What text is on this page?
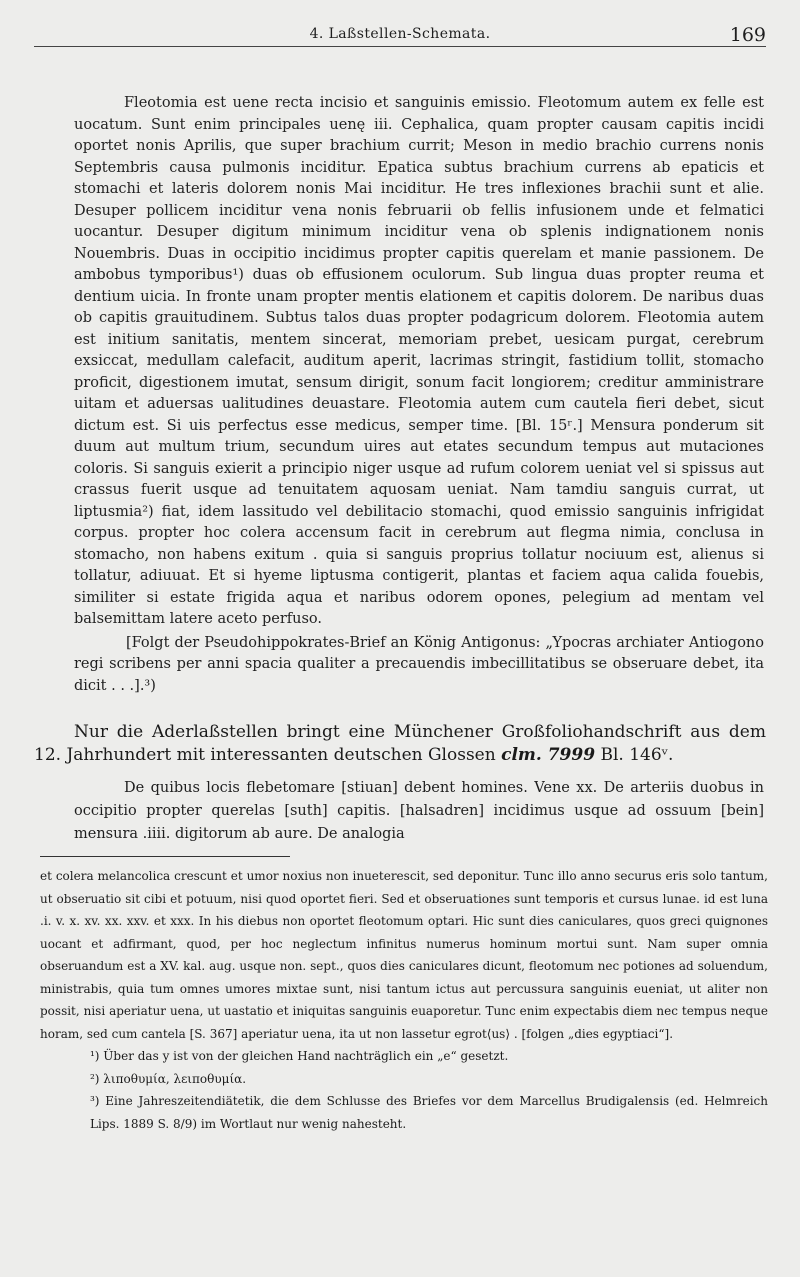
4. Laßstellen-Schemata.	169

Fleotomia est uene recta incisio et sanguinis emissio. Fleotomum autem ex felle est uocatum. Sunt enim principales uenę iii. Cephalica, quam propter causam capitis incidi oportet nonis Aprilis, que super brachium currit; Meson in medio brachio currens nonis Septembris causa pulmonis inciditur. Epatica subtus brachium currens ab epaticis et stomachi et lateris dolorem nonis Mai inciditur. He tres inflexiones brachii sunt et alie. Desuper pollicem inciditur vena nonis februarii ob fellis infusionem unde et felmatici uocantur. Desuper digitum minimum inciditur vena ob splenis indignationem nonis Nouembris. Duas in occipitio incidimus propter capitis querelam et manie passionem. De ambobus tymporibus¹) duas ob effusionem oculorum. Sub lingua duas propter reuma et dentium uicia. In fronte unam propter mentis elationem et capitis dolorem. De naribus duas ob capitis grauitudinem. Subtus talos duas propter podagricum dolorem. Fleotomia autem est initium sanitatis, mentem sincerat, memoriam prebet, uesicam purgat, cerebrum exsiccat, medullam calefacit, auditum aperit, lacrimas stringit, fastidium tollit, stomacho proficit, digestionem imutat, sensum dirigit, sonum facit longiorem; creditur amministrare uitam et aduersas ualitudines deuastare. Fleotomia autem cum cautela fieri debet, sicut dictum est. Si uis perfectus esse medicus, semper time. [Bl. 15ʳ.] Mensura ponderum sit duum aut multum trium, secundum uires aut etates secundum tempus aut mutaciones coloris. Si sanguis exierit a principio niger usque ad rufum colorem ueniat vel si spissus aut crassus fuerit usque ad tenuitatem aquosam ueniat. Nam tamdiu sanguis currat, ut liptusmia²) fiat, idem lassitudo vel debilitacio stomachi, quod emissio sanguinis infrigidat corpus. propter hoc colera accensum facit in cerebrum aut flegma nimia, conclusa in stomacho, non habens exitum . quia si sanguis proprius tollatur nociuum est, alienus si tollatur, adiuuat. Et si hyeme liptusma contigerit, plantas et faciem aqua calida fouebis, similiter si estate frigida aqua et naribus odorem opones, pelegium ad mentam vel balsemittam latere aceto perfuso.

[Folgt der Pseudohippokrates-Brief an König Antigonus: „Ypocras archiater Antiogono regi scribens per anni spacia qualiter a precauendis imbecillitatibus se obseruare debet, ita dicit . . .].³)

Nur die Aderlaßstellen bringt eine Münchener Großfoliohandschrift aus dem 12. Jahrhundert mit interessanten deutschen Glossen clm. 7999 Bl. 146ᵛ.

De quibus locis flebetomare [stiuan] debent homines. Vene xx. De arteriis duobus in occipitio propter querelas [suth] capitis. [halsadren] incidimus usque ad ossuum [bein] mensura .iiii. digitorum ab aure. De analogia

et colera melancolica crescunt et umor noxius non inueterescit, sed deponitur. Tunc illo anno securus eris solo tantum, ut obseruatio sit cibi et potuum, nisi quod oportet fieri. Sed et obseruationes sunt temporis et cursus lunae. id est luna .i. v. x. xv. xx. xxv. et xxx. In his diebus non oportet fleotomum optari. Hic sunt dies caniculares, quos greci quignones uocant et adfirmant, quod, per hoc neglectum infinitus numerus hominum mortui sunt. Nam super omnia obseruandum est a XV. kal. aug. usque non. sept., quos dies caniculares dicunt, fleotomum nec potiones ad soluendum, ministrabis, quia tum omnes umores mixtae sunt, nisi tantum ictus aut percussura sanguinis eueniat, ut aliter non possit, nisi aperiatur uena, ut uastatio et iniquitas sanguinis euaporetur. Tunc enim expectabis diem nec tempus neque horam, sed cum cantela [S. 367] aperiatur uena, ita ut non lassetur egrot⟨us⟩ . [folgen „dies egyptiaci“].

¹) Über das y ist von der gleichen Hand nachträglich ein „e“ gesetzt.

²) λιποθυμία, λειποθυμία.

³) Eine Jahreszeitendiätetik, die dem Schlusse des Briefes vor dem Marcellus Brudigalensis (ed. Helmreich Lips. 1889 S. 8/9) im Wortlaut nur wenig nahesteht.
